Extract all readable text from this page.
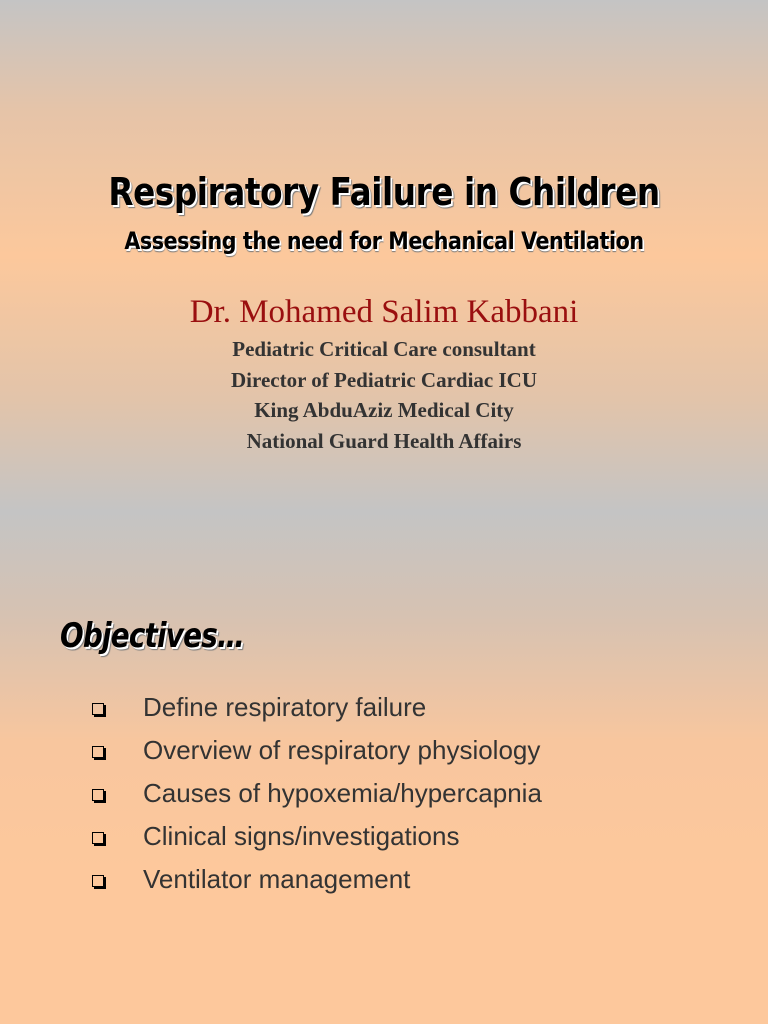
Respiratory Failure in Children
Assessing the need for Mechanical Ventilation
Dr. Mohamed Salim Kabbani
Pediatric Critical Care consultant
Director of Pediatric Cardiac ICU
King AbduAziz Medical City
National Guard Health Affairs
Objectives…
Define respiratory failure
Overview of respiratory physiology
Causes of hypoxemia/hypercapnia
Clinical signs/investigations
Ventilator management
